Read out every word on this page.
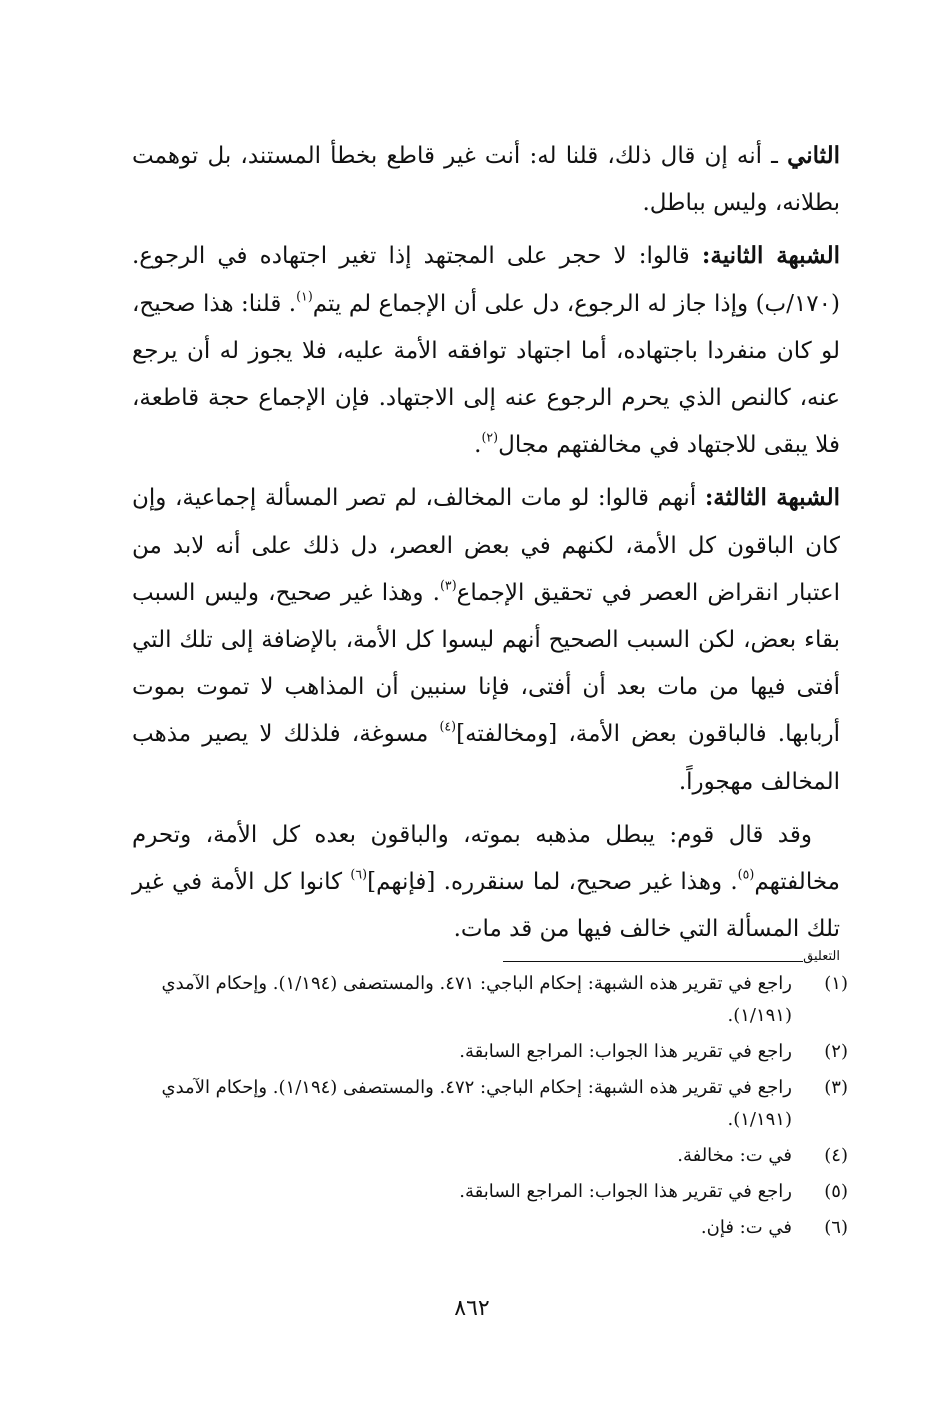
الثاني ـ أنه إن قال ذلك، قلنا له: أنت غير قاطع بخطأ المستند، بل توهمت بطلانه، وليس بباطل.

الشبهة الثانية: قالوا: لا حجر على المجتهد إذا تغير اجتهاده في الرجوع. (١٧٠/ب) وإذا جاز له الرجوع، دل على أن الإجماع لم يتم$^{(١)}$. قلنا: هذا صحيح، لو كان منفردا باجتهاده، أما اجتهاد توافقه الأمة عليه، فلا يجوز له أن يرجع عنه، كالنص الذي يحرم الرجوع عنه إلى الاجتهاد. فإن الإجماع حجة قاطعة، فلا يبقى للاجتهاد في مخالفتهم مجال$^{(٢)}$.

الشبهة الثالثة: أنهم قالوا: لو مات المخالف، لم تصر المسألة إجماعية، وإن كان الباقون كل الأمة، لكنهم في بعض العصر، دل ذلك على أنه لابد من اعتبار انقراض العصر في تحقيق الإجماع$^{(٣)}$. وهذا غير صحيح، وليس السبب بقاء بعض، لكن السبب الصحيح أنهم ليسوا كل الأمة، بالإضافة إلى تلك التي أفتى فيها من مات بعد أن أفتى، فإنا سنبين أن المذاهب لا تموت بموت أربابها. فالباقون بعض الأمة، [ومخالفته]$^{(٤)}$ مسوغة، فلذلك لا يصير مذهب المخالف مهجوراً.

وقد قال قوم: يبطل مذهبه بموته، والباقون بعده كل الأمة، وتحرم مخالفتهم$^{(٥)}$. وهذا غير صحيح، لما سنقرره. [فإنهم]$^{(٦)}$ كانوا كل الأمة في غير تلك المسألة التي خالف فيها من قد مات.

التعليق
(١)
راجع في تقرير هذه الشبهة: إحكام الباجي: ٤٧١. والمستصفى (١/١٩٤). وإحكام الآمدي (١/١٩١).
(٢)
راجع في تقرير هذا الجواب: المراجع السابقة.
(٣)
راجع في تقرير هذه الشبهة: إحكام الباجي: ٤٧٢. والمستصفى (١/١٩٤). وإحكام الآمدي (١/١٩١).
(٤)
في ت: مخالفة.
(٥)
راجع في تقرير هذا الجواب: المراجع السابقة.
(٦)
في ت: فإن.
٨٦٢
